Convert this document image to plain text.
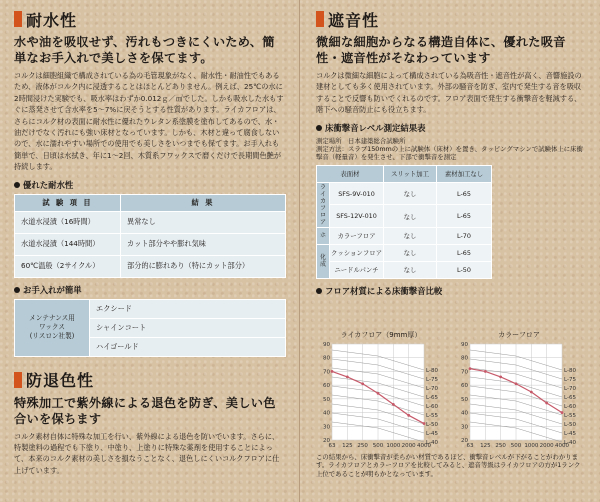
耐水性
水や油を吸収せず、汚れもつきにくいため、簡単なお手入れで美しさを保てます。
コルクは細胞組織で構成されている為の毛管現象がなく、耐水性・耐油性でもあるため、液体がコルク内に浸透することはほとんどありません。例えば、25℃の水に2時間浸けた実験でも、吸水率はわずか0.012ｇ／㎠でした。しかも吸水した水もすぐに蒸発させて含水率を5〜7%に戻そうとする性質があります。ライカフロアは、さらにコルク材の表面に耐水性に優れたウレタン系塗膜を塗布してあるので、水・油だけでなく汚れにも強い床材となっています。しかも、木材と違って腐食しないので、水に濡れやすい場所での使用でも美しさをいつまでも保てます。お手入れも簡単で、日頃は水拭き、年に1〜2回、木質系フワックスで磨くだけで長期間色艶が持続します。
優れた耐水性
試 験 項 目	結 果
水道水浸漬（16時間）	異常なし
水道水浸漬（144時間）	カット部分やや膨れ気味
60℃温般（2サイクル）	部分的に膨れあり（特にカット部分）
お手入れが簡単
メンテナンス用
ワックス
(リスロン社製)
	エクシード
シャインコート
ハイゴールド
防退色性
特殊加工で紫外線による退色を防ぎ、美しい色合いを保ちます
コルク素材自体に特殊な加工を行い、紫外線による退色を防いでいます。さらに、特製塗料の過程でも下塗り、中塗り、上塗りに特殊な薬剤を使用することによって、本来のコルク素材の美しさを損なうことなく、退色しにくいコルクフロアに仕上げています。
遮音性
微細な細胞からなる構造自体に、優れた吸音性・遮音性がそなわっています
コルクは微細な細胞によって構成されている為吸音性・遮音性が高く、音響施設の建材としても多く使用されています。外部の騒音を防ぎ、室内で発生する音を吸収することで反響も防いでくれるのです。フロア表面で発生する衝撃音を軽減する、階下への騒音防止にも役立ちます。
床衝撃音レベル測定結果表
測定場所　日本建築総合試験所
測定方法：スラブ150mmの上に試験体（床材）を置き、タッピングマシンで試験体上に床衝撃音（軽量音）を発生させ、下部で衝撃音を測定
表面材		スリット加工	素材加工なし
ライカフロア	SFS-9V-010	なし	L-65
	SFS-12V-010	なし	L-65
ホ	カラーフロア	なし	L-70
化成	クッションフロア	なし	L-65
	ニードルパンチ	なし	L-50
フロア材質による床衝撃音比較
ライカフロア（9mm厚）
63 125 250 500 1000 2000 4000
20
30
40
50
60
70
80
90
L-80
L-75
L-70
L-65
L-60
L-55
L-50
L-45
L-40
カラーフロア
63 125 250 500 1000 2000 4000
20
30
40
50
60
70
80
90
L-80
L-75
L-70
L-65
L-60
L-55
L-50
L-45
L-40
この結果から、床衝撃音が柔らかい材質であるほど、衝撃音レベルが下がることがわかります。ライカフロアとカラーフロアを比較してみると、遮音等級はライカフロアの方が1ランク上位であることが明らかとなっています。
